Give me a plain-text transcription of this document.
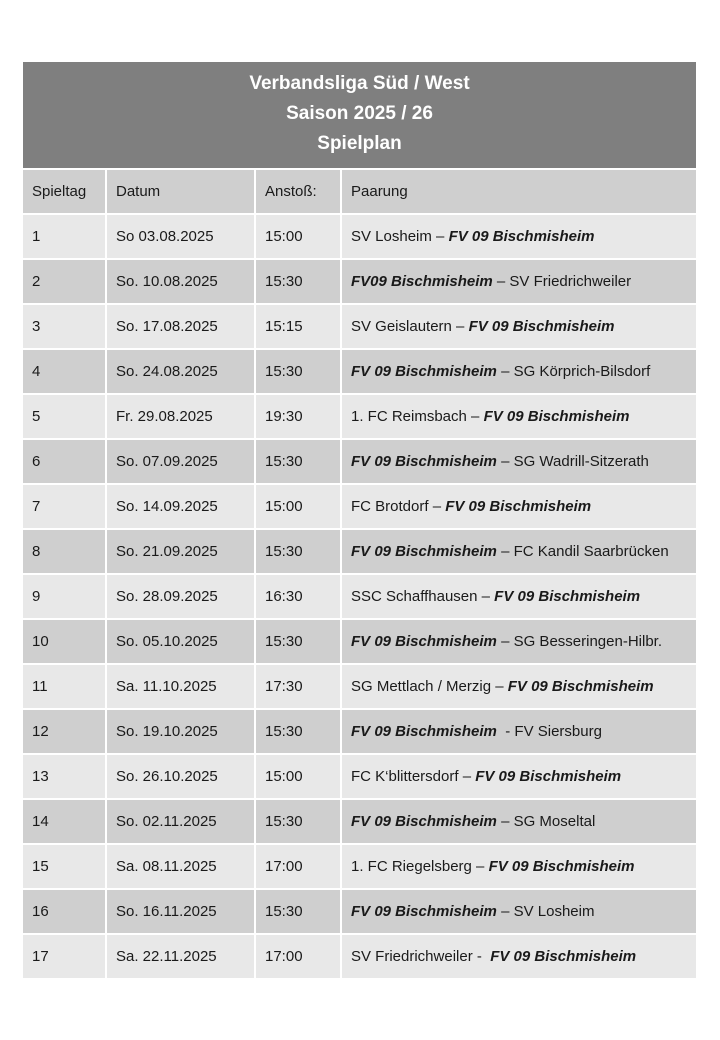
Verbandsliga Süd / West
Saison 2025 / 26
Spielplan
Spieltag	Datum	Anstoß:	Paarung
1	So 03.08.2025	15:00	SV Losheim – FV 09 Bischmisheim
2	So. 10.08.2025	15:30	FV09 Bischmisheim – SV Friedrichweiler
3	So. 17.08.2025	15:15	SV Geislautern – FV 09 Bischmisheim
4	So. 24.08.2025	15:30	FV 09 Bischmisheim – SG Körprich-Bilsdorf
5	Fr. 29.08.2025	19:30	1. FC Reimsbach – FV 09 Bischmisheim
6	So. 07.09.2025	15:30	FV 09 Bischmisheim – SG Wadrill-Sitzerath
7	So. 14.09.2025	15:00	FC Brotdorf – FV 09 Bischmisheim
8	So. 21.09.2025	15:30	FV 09 Bischmisheim – FC Kandil Saarbrücken
9	So. 28.09.2025	16:30	SSC Schaffhausen – FV 09 Bischmisheim
10	So. 05.10.2025	15:30	FV 09 Bischmisheim – SG Besseringen-Hilbr.
11	Sa. 11.10.2025	17:30	SG Mettlach / Merzig – FV 09 Bischmisheim
12	So. 19.10.2025	15:30	FV 09 Bischmisheim  - FV Siersburg
13	So. 26.10.2025	15:00	FC K‘blittersdorf – FV 09 Bischmisheim
14	So. 02.11.2025	15:30	FV 09 Bischmisheim – SG Moseltal
15	Sa. 08.11.2025	17:00	1. FC Riegelsberg – FV 09 Bischmisheim
16	So. 16.11.2025	15:30	FV 09 Bischmisheim – SV Losheim
17	Sa. 22.11.2025	17:00	SV Friedrichweiler -  FV 09 Bischmisheim
